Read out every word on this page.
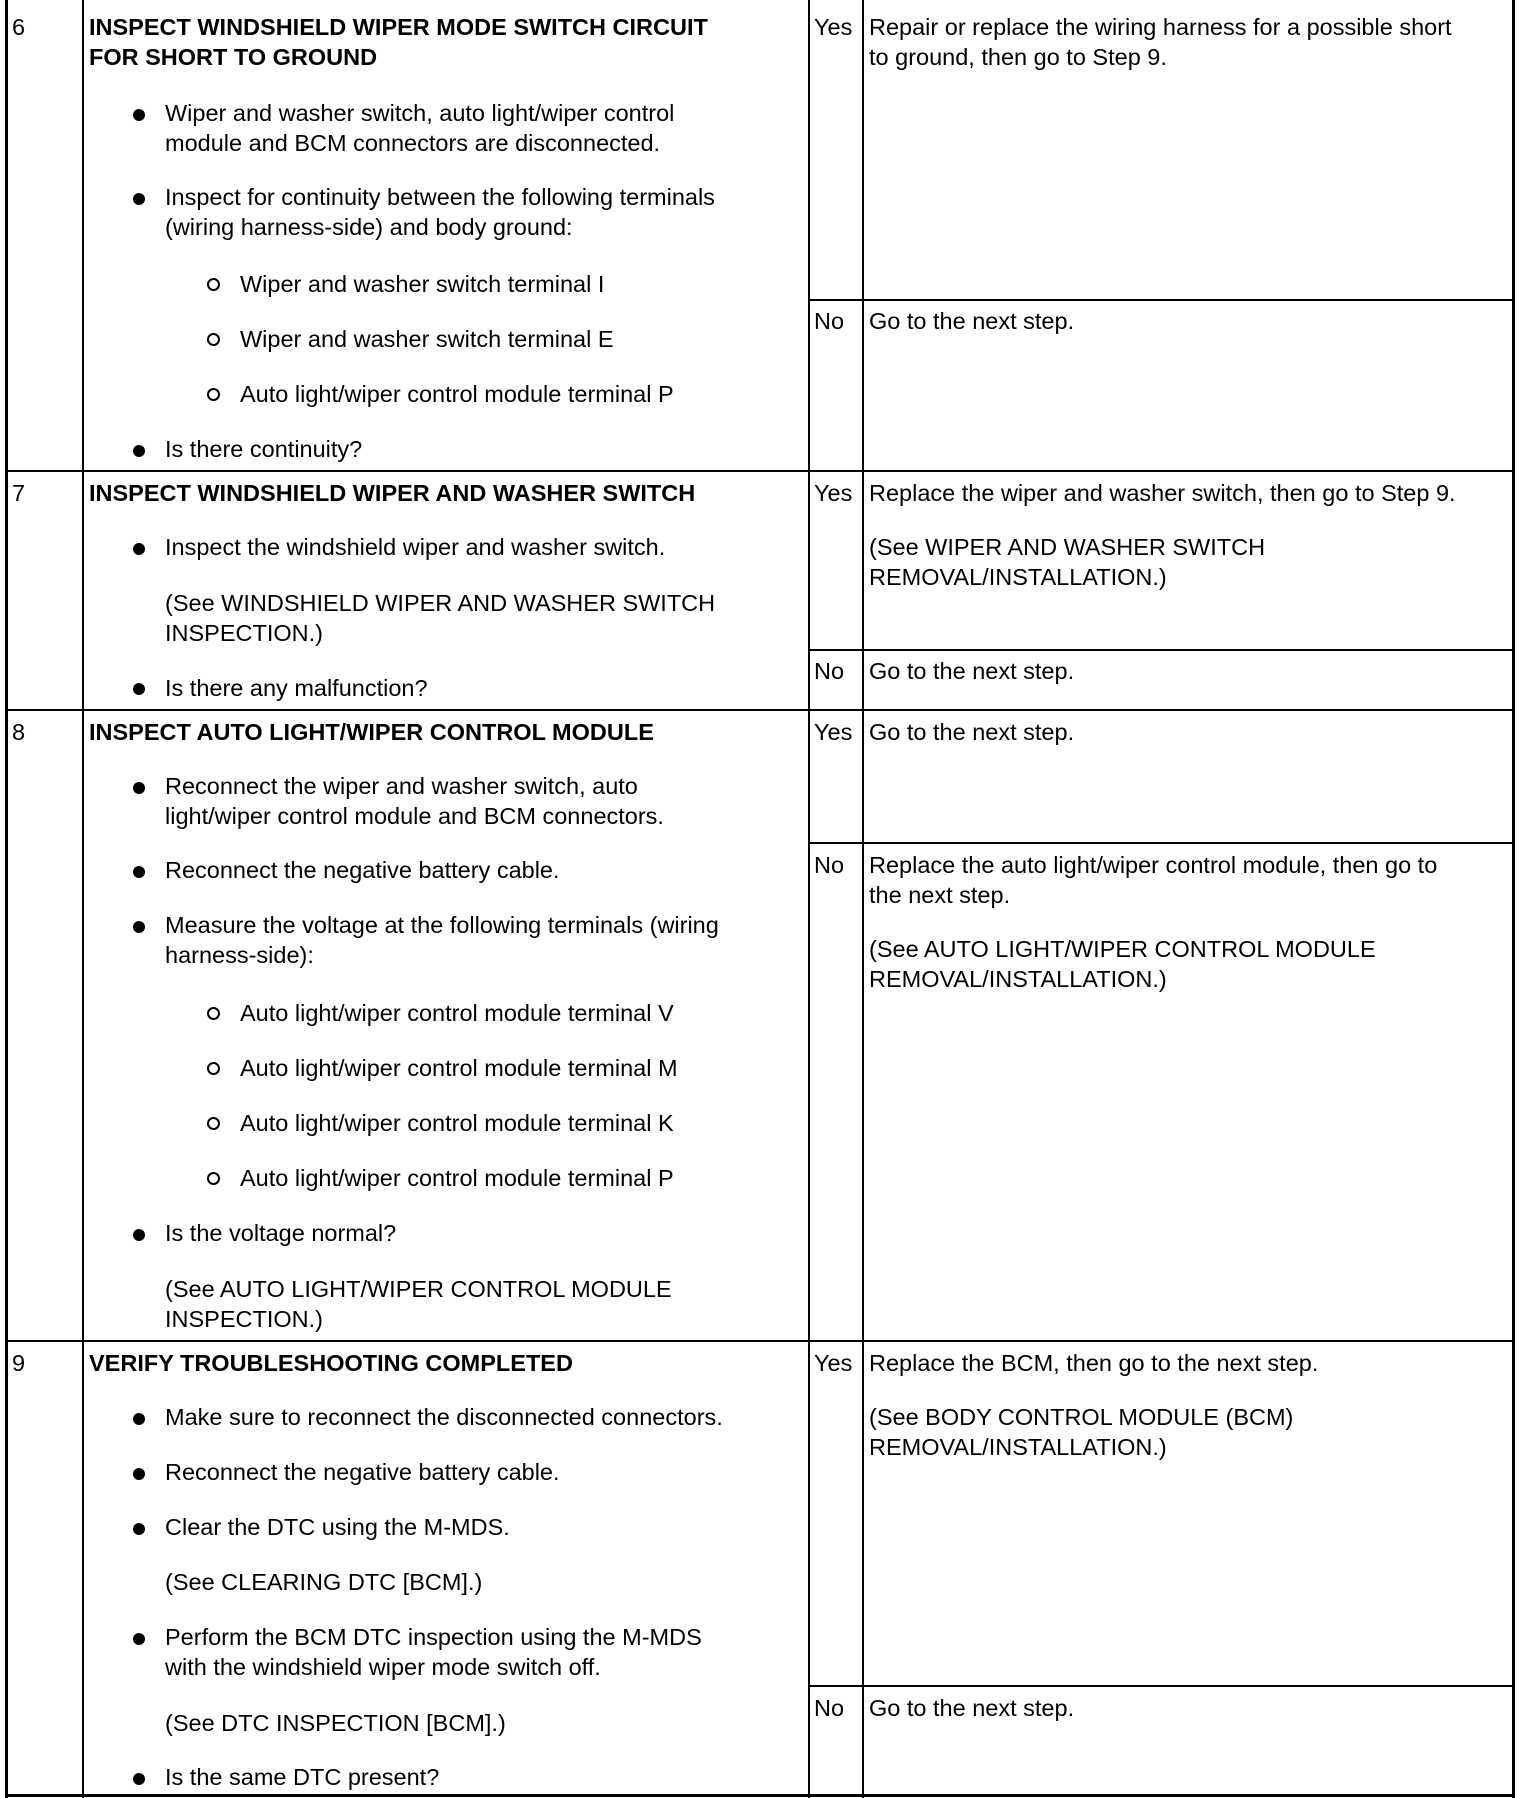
6	INSPECT WINDSHIELD WIPER MODE SWITCH CIRCUIT
FOR SHORT TO GROUND
Wiper and washer switch, auto light/wiper control
module and BCM connectors are disconnected.
Inspect for continuity between the following terminals
(wiring harness-side) and body ground:
Wiper and washer switch terminal I
Wiper and washer switch terminal E
Auto light/wiper control module terminal P
Is there continuity?
Yes Repair or replace the wiring harness for a possible short
to ground, then go to Step 9.
No Go to the next step.
7	INSPECT WINDSHIELD WIPER AND WASHER SWITCH
Inspect the windshield wiper and washer switch.
(See WINDSHIELD WIPER AND WASHER SWITCH
INSPECTION.)
Is there any malfunction?
Yes Replace the wiper and washer switch, then go to Step 9.
(See WIPER AND WASHER SWITCH
REMOVAL/INSTALLATION.)
No Go to the next step.
8	INSPECT AUTO LIGHT/WIPER CONTROL MODULE
Reconnect the wiper and washer switch, auto
light/wiper control module and BCM connectors.
Reconnect the negative battery cable.
Measure the voltage at the following terminals (wiring
harness-side):
Auto light/wiper control module terminal V
Auto light/wiper control module terminal M
Auto light/wiper control module terminal K
Auto light/wiper control module terminal P
Is the voltage normal?
(See AUTO LIGHT/WIPER CONTROL MODULE
INSPECTION.)
Yes Go to the next step.
No Replace the auto light/wiper control module, then go to
the next step.
(See AUTO LIGHT/WIPER CONTROL MODULE
REMOVAL/INSTALLATION.)
9	VERIFY TROUBLESHOOTING COMPLETED
Make sure to reconnect the disconnected connectors.
Reconnect the negative battery cable.
Clear the DTC using the M-MDS.
(See CLEARING DTC [BCM].)
Perform the BCM DTC inspection using the M-MDS
with the windshield wiper mode switch off.
(See DTC INSPECTION [BCM].)
Is the same DTC present?
Yes Replace the BCM, then go to the next step.
(See BODY CONTROL MODULE (BCM)
REMOVAL/INSTALLATION.)
No Go to the next step.
